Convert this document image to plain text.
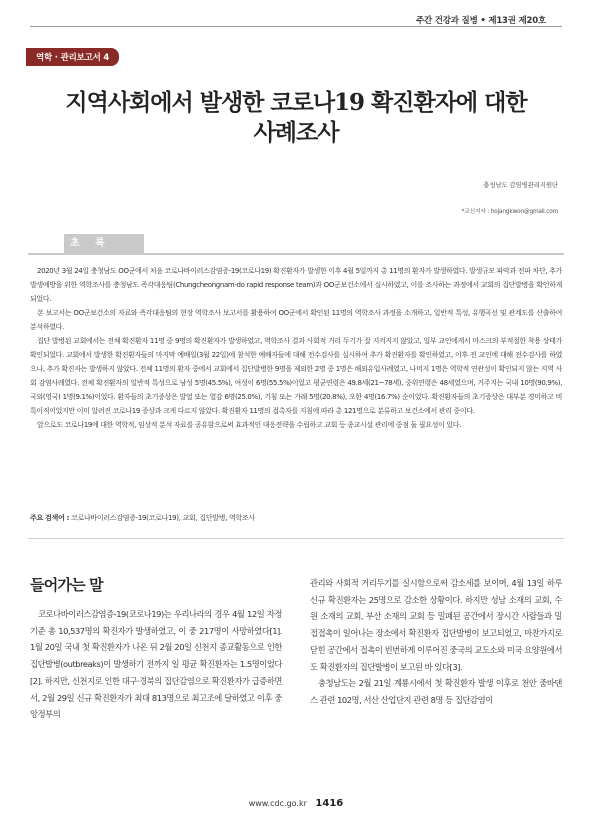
주간 건강과 질병 • 제13권 제20호
역학 · 관리보고서 4
지역사회에서 발생한 코로나19 확진환자에 대한
사례조사
충청남도 감염병관리지원단
*교신저자 : hojangkwon@gmail.com
초 록

2020년 3월 24일 충청남도 OO군에서 처음 코로나바이러스감염증-19(코로나19) 확진환자가 발생한 이후 4월 5일까지 총 11명의 환자가 발생하였다. 발생규모 파악과 전파 차단, 추가 발생예방을 위한 역학조사를 충청남도 즉각대응팀(Chungcheongnam-do rapid response team)과 OO군보건소에서 실시하였고, 이를 조사하는 과정에서 교회의 집단발병을 확인하게 되었다.

본 보고서는 OO군보건소의 자료와 즉각대응팀의 현장 역학조사 보고서를 활용하여 OO군에서 확인된 11명의 역학조사 과정을 소개하고, 일반적 특성, 유행곡선 및 관계도를 산출하여 분석하였다.

집단 발병된 교회에서는 전체 확진환자 11명 중 9명의 확진환자가 발생하였고, 역학조사 결과 사회적 거리 두기가 잘 지켜지지 않았고, 일부 교인에게서 마스크의 부적절한 착용 상태가 확인되었다. 교회에서 발생한 확진환자들의 마지막 예배일(3월 22일)에 참석한 예배자들에 대해 전수검사를 실시하여 추가 확진환자를 확인하였고, 이후 전 교인에 대해 전수검사를 하였으나, 추가 확진자는 발생하지 않았다. 전체 11명의 환자 중에서 교회에서 집단발병한 9명을 제외한 2명 중 1명은 해외유입사례였고, 나머지 1명은 역학적 연관성이 확인되지 않는 지역 사회 감염사례였다. 전체 확진환자의 일반적 특성으로 남성 5명(45.5%), 여성이 6명(55.5%)이었고 평균연령은 49.8세(21~78세), 중위연령은 48세였으며, 거주지는 국내 10명(90.9%), 국외(영국) 1명(9.1%)이었다. 환자들의 초기증상은 발열 또는 열감 6명(25.0%), 기침 또는 가래 5명(20.8%), 오한 4명(16.7%) 순이었다. 확진환자들의 초기증상은 대부분 경미하고 비특이적이었지만 이미 알려진 코로나19 증상과 크게 다르지 않았다. 확진환자 11명의 접촉자를 지침에 따라 총 121명으로 분류하고 보건소에서 관리 중이다.

앞으로도 코로나19에 대한 역학적, 임상적 분석 자료를 공유함으로써 효과적인 대응전략을 수립하고 교회 등 종교시설 관리에 중점 둘 필요성이 있다.

주요 검색어 : 코로나바이러스감염증-19(코로나19), 교회, 집단발병, 역학조사
들어가는 말

코로나바이러스감염증-19(코로나19)는 우리나라의 경우 4월 12일 자정 기준 총 10,537명의 확진자가 발생하였고, 이 중 217명이 사망하였다[1]. 1월 20일 국내 첫 확진환자가 나온 뒤 2월 20일 신천지 종교활동으로 인한 집단발병(outbreaks)이 발생하기 전까지 일 평균 확진환자는 1.5명이었다[2]. 하지만, 신천지로 인한 대구·경북의 집단감염으로 확진환자가 급증하면서, 2월 29일 신규 확진환자가 최대 813명으로 최고조에 달하였고 이후 중앙정부의

관리와 사회적 거리두기를 실시함으로써 감소세를 보이며, 4월 13일 하루 신규 확진환자는 25명으로 감소한 상황이다. 하지만 성남 소재의 교회, 수원 소재의 교회, 부산 소재의 교회 등 밀폐된 공간에서 장시간 사람들과 밀접접촉이 일어나는 장소에서 확진환자 집단발병이 보고되었고, 마찬가지로 닫힌 공간에서 접촉이 빈번하게 이루어진 중국의 교도소와 미국 요양원에서도 확진환자의 집단발병이 보고된 바 있다[3].

충청남도는 2월 21일 계룡시에서 첫 확진환자 발생 이후로 천안 줌바댄스 관련 102명, 서산 산업단지 관련 8명 등 집단감염이

www.cdc.go.kr 1416
